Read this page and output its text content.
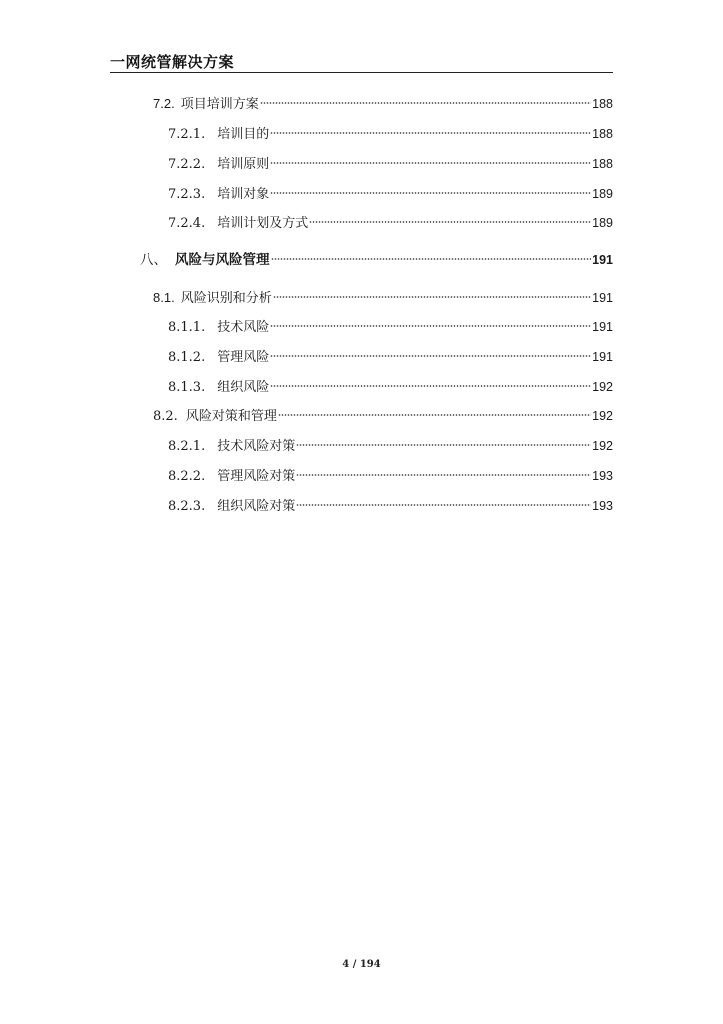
一网统管解决方案
7.2. 项目培训方案	188
7.2.1. 培训目的	188
7.2.2. 培训原则	188
7.2.3. 培训对象	189
7.2.4. 培训计划及方式	189
八、 风险与风险管理	191
8.1. 风险识别和分析	191
8.1.1. 技术风险	191
8.1.2. 管理风险	191
8.1.3. 组织风险	192
8.2. 风险对策和管理	192
8.2.1. 技术风险对策	192
8.2.2. 管理风险对策	193
8.2.3. 组织风险对策	193
4 / 194
